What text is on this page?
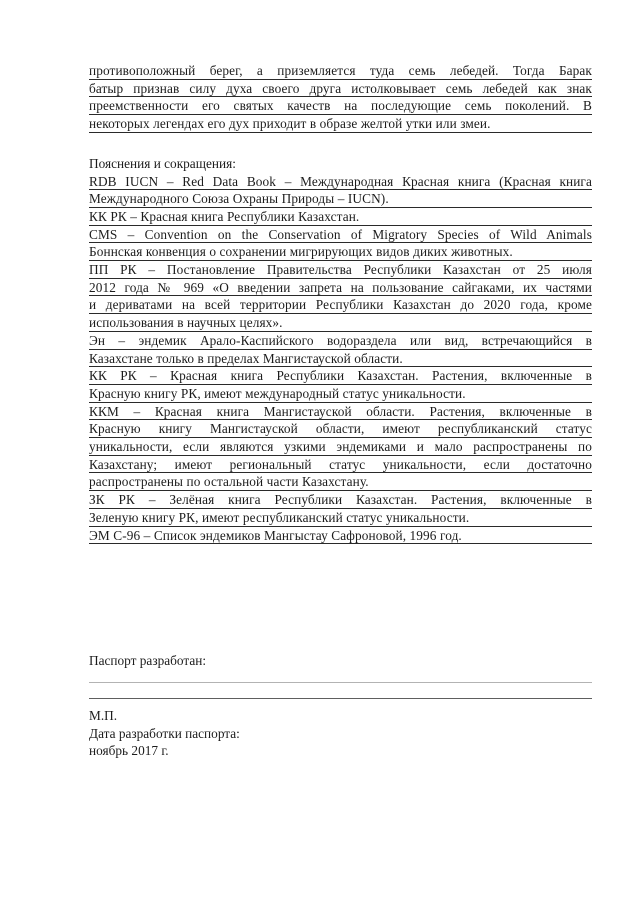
противоположный берег, а приземляется туда семь лебедей. Тогда Барак
батыр признав силу духа своего друга истолковывает семь лебедей как знак
преемственности его святых качеств на последующие семь поколений. В
некоторых легендах его дух приходит в образе желтой утки или змеи.
Пояснения и сокращения:
RDB IUCN – Red Data Book – Международная Красная книга (Красная книга
Международного Союза Охраны Природы – IUCN).
КК РК – Красная книга Республики Казахстан.
CMS – Convention on the Conservation of Migratory Species of Wild Animals
Боннская конвенция о сохранении мигрирующих видов диких животных.
ПП РК – Постановление Правительства Республики Казахстан от 25 июля
2012 года № 969 «О введении запрета на пользование сайгаками, их частями
и дериватами на всей территории Республики Казахстан до 2020 года, кроме
использования в научных целях».
Эн – эндемик Арало-Каспийского водораздела или вид, встречающийся в
Казахстане только в пределах Мангистауской области.
КК РК – Красная книга Республики Казахстан. Растения, включенные в
Красную книгу РК, имеют международный статус уникальности.
ККМ – Красная книга Мангистауской области. Растения, включенные в
Красную книгу Мангистауской области, имеют республиканский статус
уникальности, если являются узкими эндемиками и мало распространены по
Казахстану; имеют региональный статус уникальности, если достаточно
распространены по остальной части Казахстану.
ЗК РК – Зелёная книга Республики Казахстан. Растения, включенные в
Зеленую книгу РК, имеют республиканский статус уникальности.
ЭМ С-96 – Список эндемиков Мангыстау Сафроновой, 1996 год.
Паспорт разработан:
М.П.
Дата разработки паспорта:
ноябрь 2017 г.
